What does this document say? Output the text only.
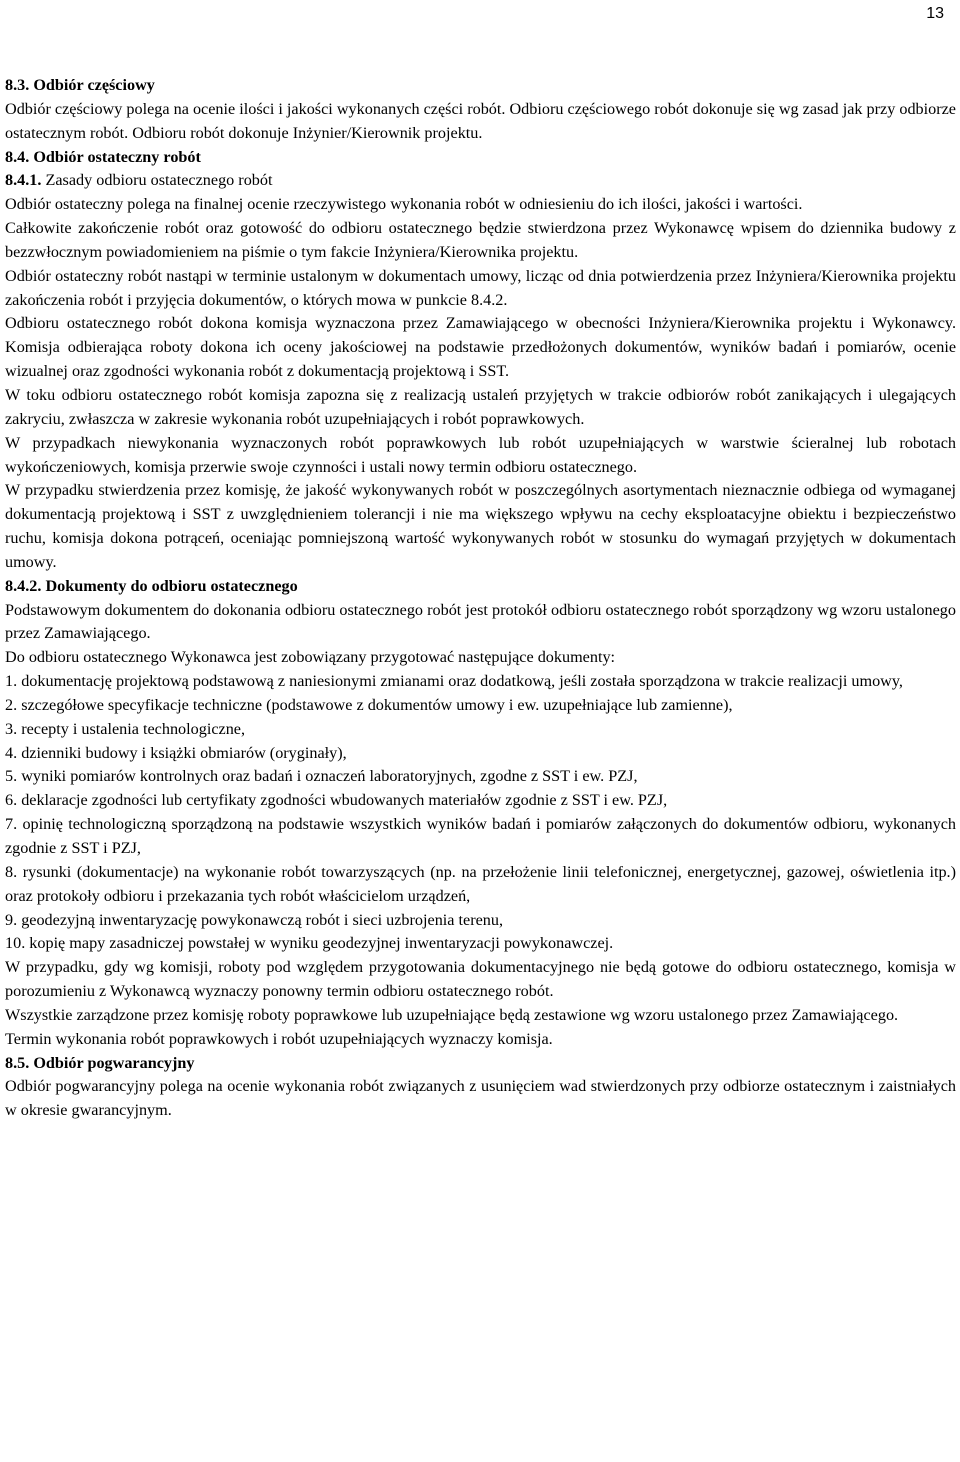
13

8.3. Odbiór częściowy

Odbiór częściowy polega na ocenie ilości i jakości wykonanych części robót. Odbioru częściowego robót dokonuje się wg zasad jak przy odbiorze ostatecznym robót. Odbioru robót dokonuje Inżynier/Kierownik projektu.

8.4. Odbiór ostateczny robót

8.4.1. Zasady odbioru ostatecznego robót

Odbiór ostateczny polega na finalnej ocenie rzeczywistego wykonania robót w odniesieniu do ich ilości, jakości i wartości.

Całkowite zakończenie robót oraz gotowość do odbioru ostatecznego będzie stwierdzona przez Wykonawcę wpisem do dziennika budowy z bezzwłocznym powiadomieniem na piśmie o tym fakcie Inżyniera/Kierownika projektu.

Odbiór ostateczny robót nastąpi w terminie ustalonym w dokumentach umowy, licząc od dnia potwierdzenia przez Inżyniera/Kierownika projektu zakończenia robót i przyjęcia dokumentów, o których mowa w punkcie 8.4.2.

Odbioru ostatecznego robót dokona komisja wyznaczona przez Zamawiającego w obecności Inżyniera/Kierownika projektu i Wykonawcy. Komisja odbierająca roboty dokona ich oceny jakościowej na podstawie przedłożonych dokumentów, wyników badań i pomiarów, ocenie wizualnej oraz zgodności wykonania robót z dokumentacją projektową i SST.

W toku odbioru ostatecznego robót komisja zapozna się z realizacją ustaleń przyjętych w trakcie odbiorów robót zanikających i ulegających zakryciu, zwłaszcza w zakresie wykonania robót uzupełniających i robót poprawkowych.

W przypadkach niewykonania wyznaczonych robót poprawkowych lub robót uzupełniających w warstwie ścieralnej lub robotach wykończeniowych, komisja przerwie swoje czynności i ustali nowy termin odbioru ostatecznego.

W przypadku stwierdzenia przez komisję, że jakość wykonywanych robót w poszczególnych asortymentach nieznacznie odbiega od wymaganej dokumentacją projektową i SST z uwzględnieniem tolerancji i nie ma większego wpływu na cechy eksploatacyjne obiektu i bezpieczeństwo ruchu, komisja dokona potrąceń, oceniając pomniejszoną wartość wykonywanych robót w stosunku do wymagań przyjętych w dokumentach umowy.

8.4.2. Dokumenty do odbioru ostatecznego

Podstawowym dokumentem do dokonania odbioru ostatecznego robót jest protokół odbioru ostatecznego robót sporządzony wg wzoru ustalonego przez Zamawiającego.

Do odbioru ostatecznego Wykonawca jest zobowiązany przygotować następujące dokumenty:

1. dokumentację projektową podstawową z naniesionymi zmianami oraz dodatkową, jeśli została sporządzona w trakcie realizacji umowy,

2. szczegółowe specyfikacje techniczne (podstawowe z dokumentów umowy i ew. uzupełniające lub zamienne),

3. recepty i ustalenia technologiczne,

4. dzienniki budowy i książki obmiarów (oryginały),

5. wyniki pomiarów kontrolnych oraz badań i oznaczeń laboratoryjnych, zgodne z SST i ew. PZJ,

6. deklaracje zgodności lub certyfikaty zgodności wbudowanych materiałów zgodnie z SST i ew. PZJ,

7. opinię technologiczną sporządzoną na podstawie wszystkich wyników badań i pomiarów załączonych do dokumentów odbioru, wykonanych zgodnie z SST i PZJ,

8. rysunki (dokumentacje) na wykonanie robót towarzyszących (np. na przełożenie linii telefonicznej, energetycznej, gazowej, oświetlenia itp.) oraz protokoły odbioru i przekazania tych robót właścicielom urządzeń,

9. geodezyjną inwentaryzację powykonawczą robót i sieci uzbrojenia terenu,

10. kopię mapy zasadniczej powstałej w wyniku geodezyjnej inwentaryzacji powykonawczej.

W przypadku, gdy wg komisji, roboty pod względem przygotowania dokumentacyjnego nie będą gotowe do odbioru ostatecznego, komisja w porozumieniu z Wykonawcą wyznaczy ponowny termin odbioru ostatecznego robót.

Wszystkie zarządzone przez komisję roboty poprawkowe lub uzupełniające będą zestawione wg wzoru ustalonego przez Zamawiającego.

Termin wykonania robót poprawkowych i robót uzupełniających wyznaczy komisja.

8.5. Odbiór pogwarancyjny

Odbiór pogwarancyjny polega na ocenie wykonania robót związanych z usunięciem wad stwierdzonych przy odbiorze ostatecznym i zaistniałych w okresie gwarancyjnym.
